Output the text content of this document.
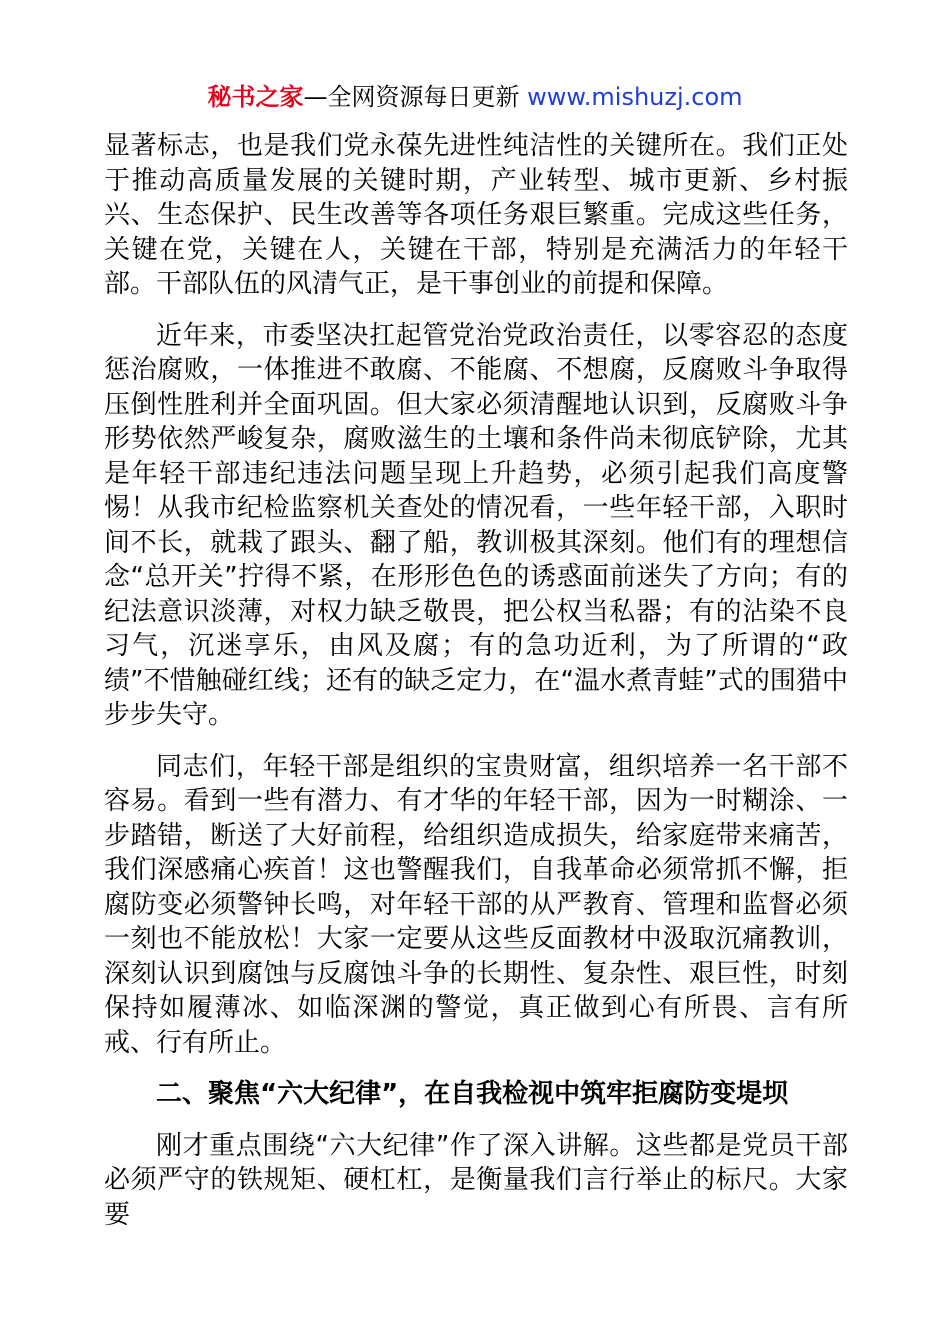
秘书之家—全网资源每日更新 www.mishuzj.com

显著标志，也是我们党永葆先进性纯洁性的关键所在。我们正处于推动高质量发展的关键时期，产业转型、城市更新、乡村振兴、生态保护、民生改善等各项任务艰巨繁重。完成这些任务，关键在党，关键在人，关键在干部，特别是充满活力的年轻干部。干部队伍的风清气正，是干事创业的前提和保障。

近年来，市委坚决扛起管党治党政治责任，以零容忍的态度惩治腐败，一体推进不敢腐、不能腐、不想腐，反腐败斗争取得压倒性胜利并全面巩固。但大家必须清醒地认识到，反腐败斗争形势依然严峻复杂，腐败滋生的土壤和条件尚未彻底铲除，尤其是年轻干部违纪违法问题呈现上升趋势，必须引起我们高度警惕！从我市纪检监察机关查处的情况看，一些年轻干部，入职时间不长，就栽了跟头、翻了船，教训极其深刻。他们有的理想信念“总开关”拧得不紧，在形形色色的诱惑面前迷失了方向；有的纪法意识淡薄，对权力缺乏敬畏，把公权当私器；有的沾染不良习气，沉迷享乐，由风及腐；有的急功近利，为了所谓的“政绩”不惜触碰红线；还有的缺乏定力，在“温水煮青蛙”式的围猎中步步失守。

同志们，年轻干部是组织的宝贵财富，组织培养一名干部不容易。看到一些有潜力、有才华的年轻干部，因为一时糊涂、一步踏错，断送了大好前程，给组织造成损失，给家庭带来痛苦，我们深感痛心疾首！这也警醒我们，自我革命必须常抓不懈，拒腐防变必须警钟长鸣，对年轻干部的从严教育、管理和监督必须一刻也不能放松！大家一定要从这些反面教材中汲取沉痛教训，深刻认识到腐蚀与反腐蚀斗争的长期性、复杂性、艰巨性，时刻保持如履薄冰、如临深渊的警觉，真正做到心有所畏、言有所戒、行有所止。

二、聚焦“六大纪律”，在自我检视中筑牢拒腐防变堤坝

刚才重点围绕“六大纪律”作了深入讲解。这些都是党员干部必须严守的铁规矩、硬杠杠，是衡量我们言行举止的标尺。大家要
